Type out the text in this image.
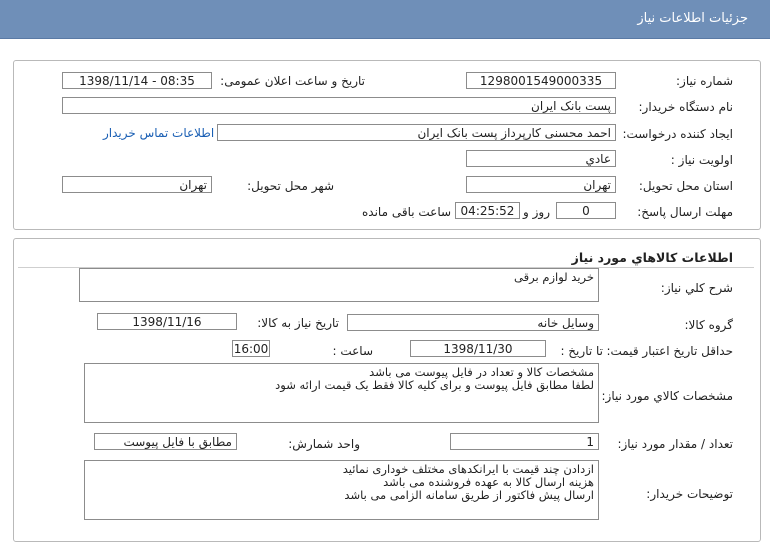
جزئیات اطلاعات نیاز
شماره نیاز:
1298001549000335
تاریخ و ساعت اعلان عمومی:
1398/11/14 - 08:35
نام دستگاه خریدار:
پست بانک ایران
ایجاد کننده درخواست:
احمد محسنی کارپرداز پست بانک ایران
اطلاعات تماس خریدار
اولویت نیاز :
عادي
استان محل تحویل:
تهران
شهر محل تحویل:
تهران
مهلت ارسال پاسخ:
0
روز و
04:25:52
ساعت باقی مانده
اطلاعات کالاهاي مورد نياز
شرح کلي نياز:
خرید لوازم برقی
گروه کالا:
وسایل خانه
تاریخ نیاز به کالا:
1398/11/16
حداقل تاریخ اعتبار قیمت:
تا تاریخ :
1398/11/30
ساعت :
16:00
مشخصات کالاي مورد نياز:
مشخصات کالا و تعداد در فایل پیوست می باشد
لطفا مطابق فایل پیوست و برای کلیه کالا فقط یک قیمت ارائه شود
تعداد / مقدار مورد نياز:
1
واحد شمارش:
مطابق با فایل پیوست
توضيحات خريدار:
ازدادن چند قیمت با ایرانکدهای مختلف خوداری نمائید
هزینه ارسال کالا به عهده فروشنده می باشد
ارسال پیش فاکتور از طریق سامانه الزامی می باشد
